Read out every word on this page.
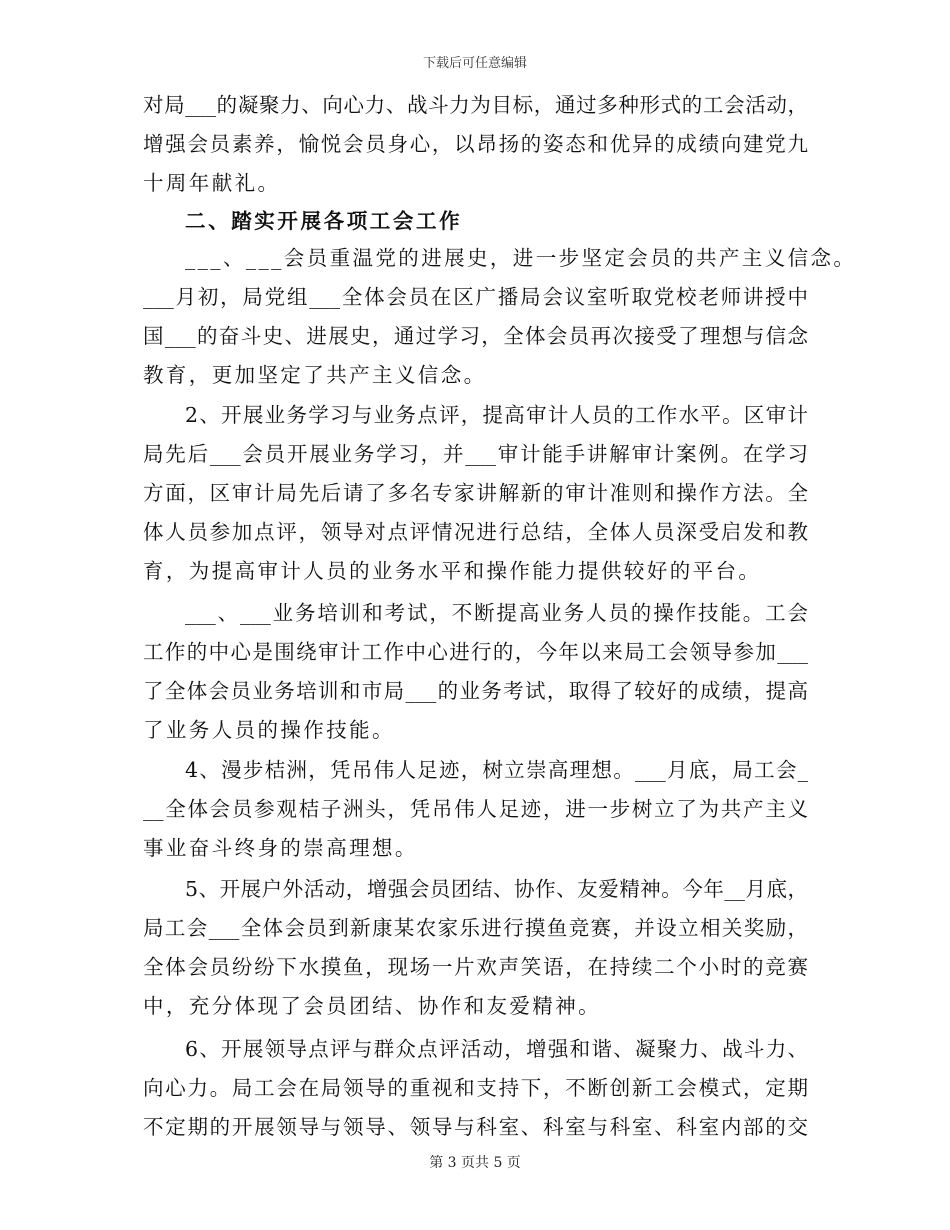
下载后可任意编辑
对局___的凝聚力、向心力、战斗力为目标，通过多种形式的工会活动，
增强会员素养，愉悦会员身心，以昂扬的姿态和优异的成绩向建党九
十周年献礼。
二、踏实开展各项工会工作
___、___会员重温党的进展史，进一步坚定会员的共产主义信念。
___月初，局党组___全体会员在区广播局会议室听取党校老师讲授中
国___的奋斗史、进展史，通过学习，全体会员再次接受了理想与信念
教育，更加坚定了共产主义信念。
2、开展业务学习与业务点评，提高审计人员的工作水平。区审计
局先后___会员开展业务学习，并___审计能手讲解审计案例。在学习
方面，区审计局先后请了多名专家讲解新的审计准则和操作方法。全
体人员参加点评，领导对点评情况进行总结，全体人员深受启发和教
育，为提高审计人员的业务水平和操作能力提供较好的平台。
___、___业务培训和考试，不断提高业务人员的操作技能。工会
工作的中心是围绕审计工作中心进行的，今年以来局工会领导参加___
了全体会员业务培训和市局___的业务考试，取得了较好的成绩，提高
了业务人员的操作技能。
4、漫步桔洲，凭吊伟人足迹，树立崇高理想。___月底，局工会_
__全体会员参观桔子洲头，凭吊伟人足迹，进一步树立了为共产主义
事业奋斗终身的崇高理想。
5、开展户外活动，增强会员团结、协作、友爱精神。今年__月底，
局工会___全体会员到新康某农家乐进行摸鱼竞赛，并设立相关奖励，
全体会员纷纷下水摸鱼，现场一片欢声笑语，在持续二个小时的竞赛
中，充分体现了会员团结、协作和友爱精神。
6、开展领导点评与群众点评活动，增强和谐、凝聚力、战斗力、
向心力。局工会在局领导的重视和支持下，不断创新工会模式，定期
不定期的开展领导与领导、领导与科室、科室与科室、科室内部的交
第 3 页共 5 页
